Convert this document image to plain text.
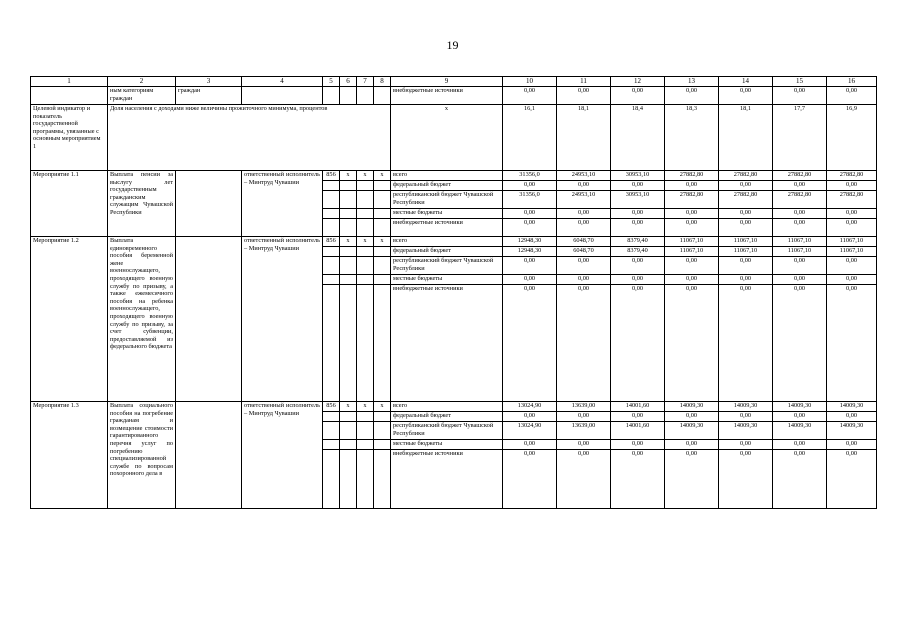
19
1	2	3	4	5	6	7	8	9	10	11	12	13	14	15	16
	ным категориям граждан	граждан						внебюджетные источники	0,00	0,00	0,00	0,00	0,00	0,00	0,00
Целевой индикатор и показатель государственной программы, увязанные с основным мероприятием 1	Доля населения с доходами ниже величины прожиточного минимума, процентов							x	16,1	18,1	18,4	18,3	18,1	17,7	16,9
Мероприятие 1.1	Выплата пенсии за выслугу лет государственным гражданским служащим Чувашской Республики		ответственный исполнитель – Минтруд Чувашии	856	x	x	x	всего	31356,0	24953,10	30953,10	27882,80	27882,80	27882,80	27882,80
								федеральный бюджет	0,00	0,00	0,00	0,00	0,00	0,00	0,00
								республиканский бюджет Чувашской Республики	31356,0	24953,10	30953,10	27882,80	27882,80	27882,80	27882,80
								местные бюджеты	0,00	0,00	0,00	0,00	0,00	0,00	0,00
								внебюджетные источники	0,00	0,00	0,00	0,00	0,00	0,00	0,00
Мероприятие 1.2	Выплата единовременного пособия беременной жене военнослужащего, проходящего военную службу по призыву, а также ежемесячного пособия на ребенка военнослужащего, проходящего военную службу по призыву, за счет субвенции, предоставляемой из федерального бюджета		ответственный исполнитель – Минтруд Чувашии	856	x	x	x	всего	12948,30	6048,70	8379,40	11067,10	11067,10	11067,10	11067,10
								федеральный бюджет	12948,30	6048,70	8379,40	11067,10	11067,10	11067,10	11067,10
								республиканский бюджет Чувашской Республики	0,00	0,00	0,00	0,00	0,00	0,00	0,00
								местные бюджеты	0,00	0,00	0,00	0,00	0,00	0,00	0,00
								внебюджетные источники	0,00	0,00	0,00	0,00	0,00	0,00	0,00
Мероприятие 1.3	Выплата социального пособия на погребение гражданам и возмещение стоимости гарантированного перечня услуг по погребению специализированной службе по вопросам похоронного дела в		ответственный исполнитель – Минтруд Чувашии	856	x	x	x	всего	13024,90	13639,00	14001,60	14009,30	14009,30	14009,30	14009,30
								федеральный бюджет	0,00	0,00	0,00	0,00	0,00	0,00	0,00
								республиканский бюджет Чувашской Республики	13024,90	13639,00	14001,60	14009,30	14009,30	14009,30	14009,30
								местные бюджеты	0,00	0,00	0,00	0,00	0,00	0,00	0,00
								внебюджетные источники	0,00	0,00	0,00	0,00	0,00	0,00	0,00
